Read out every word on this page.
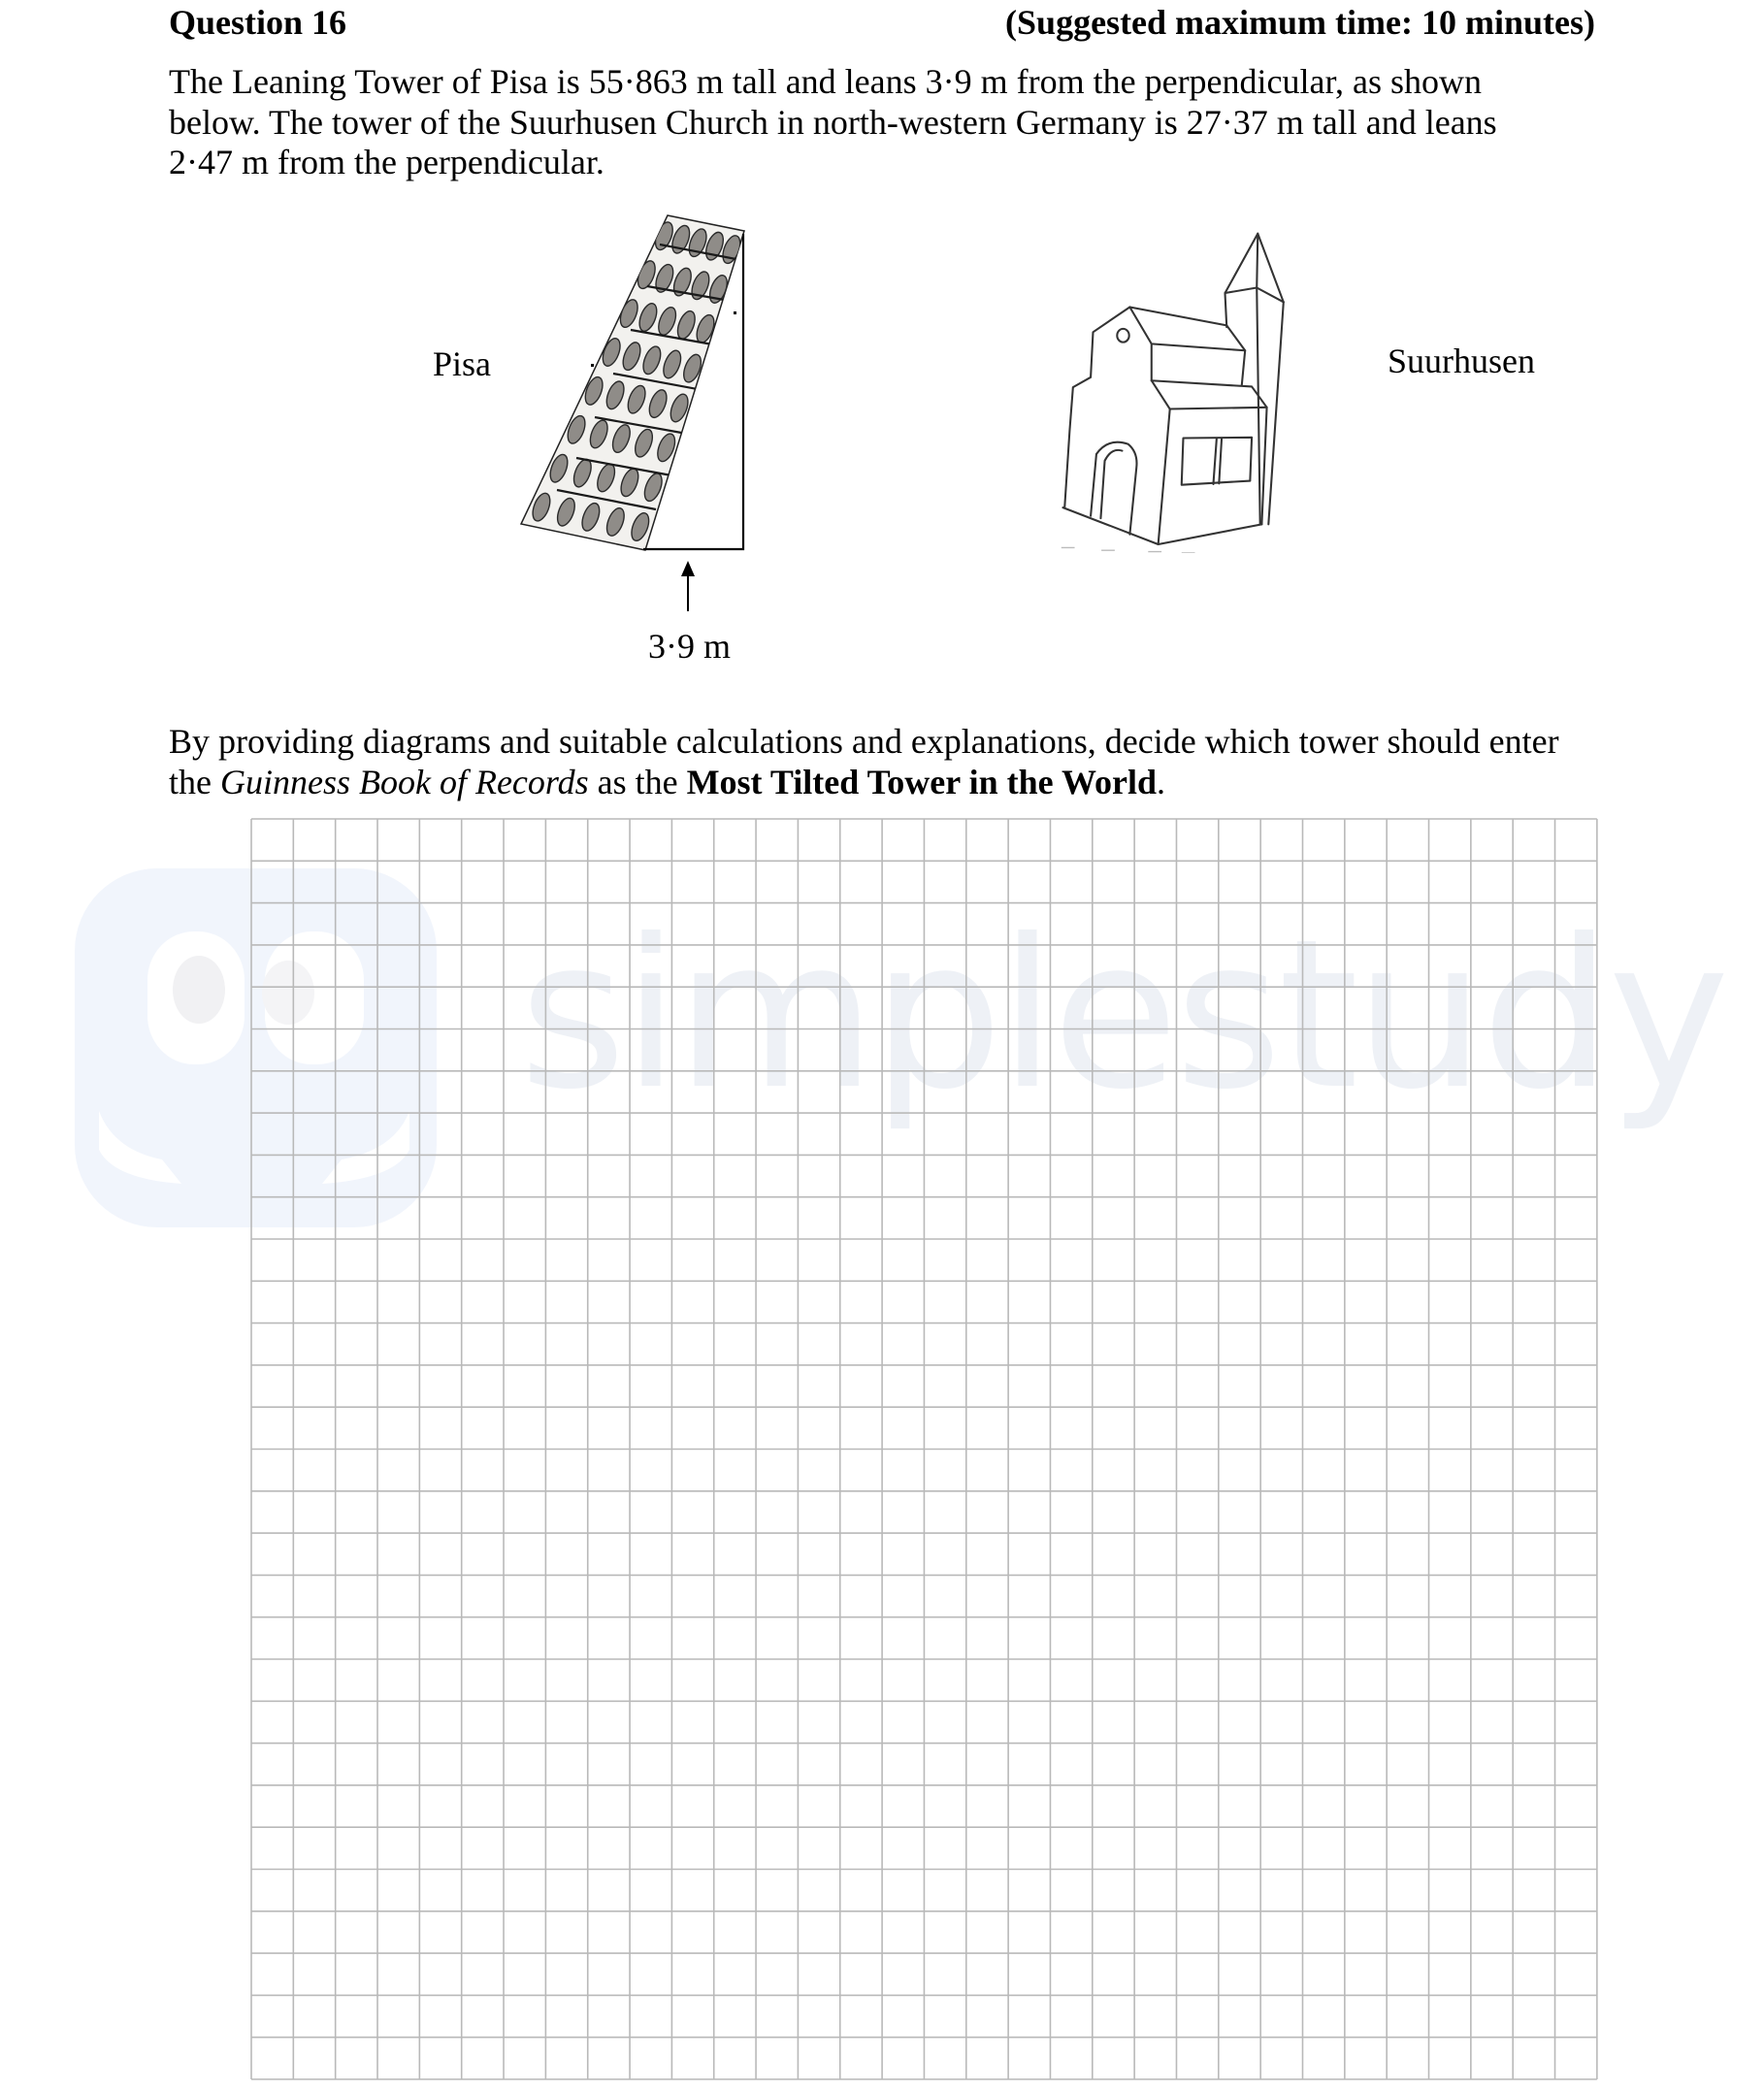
simplestudy
Question 16	(Suggested maximum time: 10 minutes)
The Leaning Tower of Pisa is 55·863 m tall and leans 3·9 m from the perpendicular, as shown
below. The tower of the Suurhusen Church in north-western Germany is 27·37 m tall and leans
2·47 m from the perpendicular.
Pisa
3·9 m
Suurhusen
By providing diagrams and suitable calculations and explanations, decide which tower should enter
the Guinness Book of Records as the Most Tilted Tower in the World.
